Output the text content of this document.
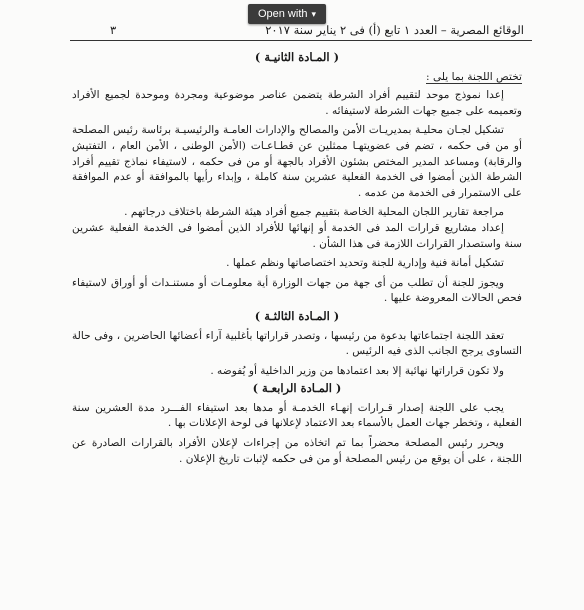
Open with ▾
الوقائع المصرية – العدد ١ تابع (أ) فى ٢ يناير سنة ٢٠١٧
٣
( المـادة الثانيـة )

تختص اللجنة بما يلى :

إعدا نموذج موحد لتقييم أفراد الشرطة يتضمن عناصر موضوعية ومجردة وموحدة لجميع الأفراد وتعميمه على جميع جهات الشرطة لاستيفائه .

تشكيل لجـان محليـة بمديريـات الأمن والمصالح والإدارات العامـة والرئيسيـة برئاسة رئيس المصلحة أو من فى حكمه ، تضم فى عضويتهـا ممثلين عن قطـاعـات (الأمن الوطنى ، الأمن العام ، التفتيش والرقابة) ومساعد المدير المختص بشئون الأفراد بالجهة أو من فى حكمه ، لاستيفاء نماذج تقييم أفراد الشرطة الذين أمضوا فى الخدمة الفعلية عشرين سنة كاملة ، وإبداء رأيها بالموافقة أو عدم الموافقة على الاستمرار فى الخدمة من عدمه .

مراجعة تقارير اللجان المحلية الخاصة بتقييم جميع أفراد هيئة الشرطة باختلاف درجاتهم .

إعداد مشاريع قرارات المد فى الخدمة أو إنهائها للأفراد الذين أمضوا فى الخدمة الفعلية عشرين سنة واستصدار القرارات اللازمة فى هذا الشأن .

تشكيل أمانة فنية وإدارية للجنة وتحديد اختصاصاتها ونظم عملها .

ويجوز للجنة أن تطلب من أى جهة من جهات الوزارة أية معلومـات أو مستنـدات أو أوراق لاستيفاء فحص الحالات المعروضة عليها .

( المـادة الثالثـة )

تعقد اللجنة اجتماعاتها بدعوة من رئيسها ، وتصدر قراراتها بأغلبية آراء أعضائها الحاضرين ، وفى حالة التساوى يرجح الجانب الذى فيه الرئيس .

ولا تكون قراراتها نهائية إلا بعد اعتمادها من وزير الداخلية أو يُفوضه .

( المـادة الرابعـة )

يجب على اللجنة إصدار قـرارات إنهـاء الخدمـة أو مدها بعد استيفاء الفـــرد مدة العشرين سنة الفعلية ، وتخطر جهات العمل بالأسماء بعد الاعتماد لإعلانها فى لوحة الإعلانات بها .

ويحرر رئيس المصلحة محضراً بما تم اتخاذه من إجراءات لإعلان الأفراد بالقرارات الصادرة عن اللجنة ، على أن يوقع من رئيس المصلحة أو من فى حكمه لإثبات تاريخ الإعلان .
